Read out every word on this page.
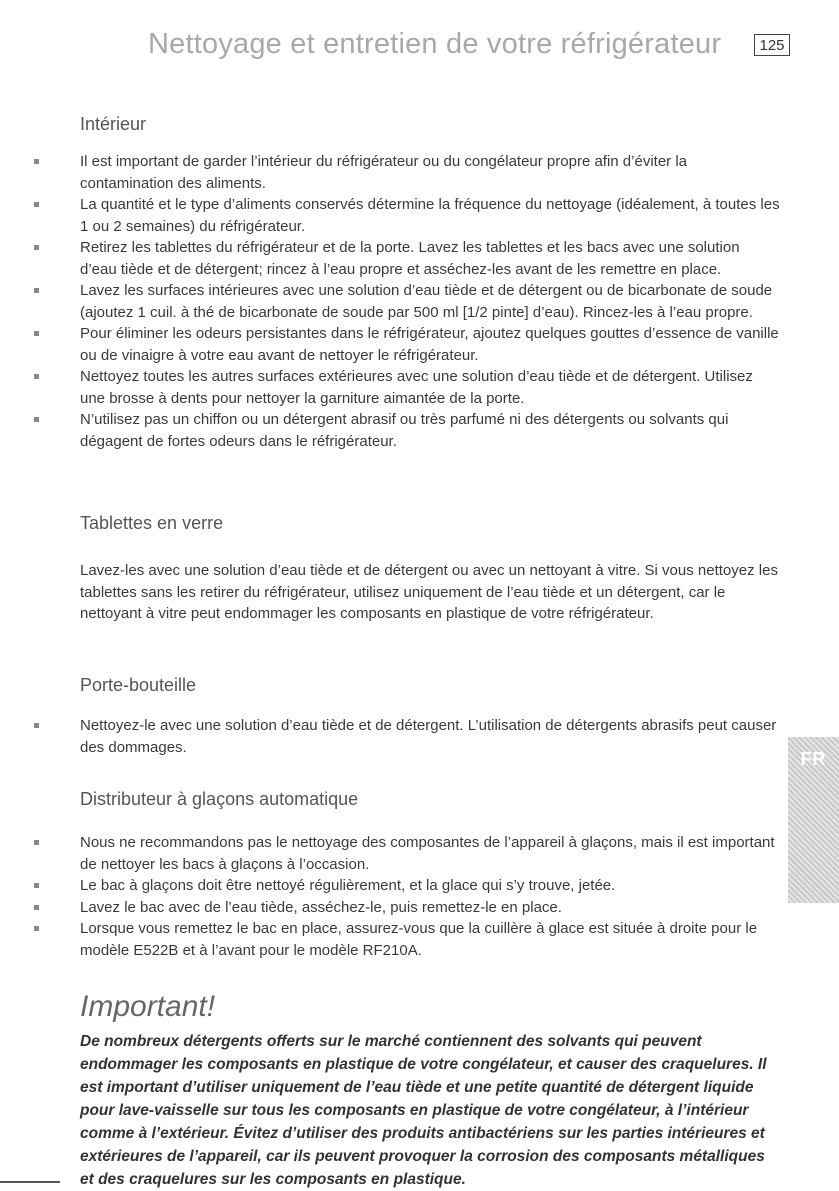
Nettoyage et entretien de votre réfrigérateur	125
Intérieur
Il est important de garder l’intérieur du réfrigérateur ou du congélateur propre afin d’éviter la contamination des aliments.
La quantité et le type d’aliments conservés détermine la fréquence du nettoyage (idéalement, à toutes les 1 ou 2 semaines) du réfrigérateur.
Retirez les tablettes du réfrigérateur et de la porte. Lavez les tablettes et les bacs avec une solution d’eau tiède et de détergent; rincez à l’eau propre et asséchez-les avant de les remettre en place.
Lavez les surfaces intérieures avec une solution d’eau tiède et de détergent ou de bicarbonate de soude (ajoutez 1 cuil. à thé de bicarbonate de soude par 500 ml [1/2 pinte] d’eau). Rincez-les à l’eau propre.
Pour éliminer les odeurs persistantes dans le réfrigérateur, ajoutez quelques gouttes d’essence de vanille ou de vinaigre à votre eau avant de nettoyer le réfrigérateur.
Nettoyez toutes les autres surfaces extérieures avec une solution d’eau tiède et de détergent. Utilisez une brosse à dents pour nettoyer la garniture aimantée de la porte.
N’utilisez pas un chiffon ou un détergent abrasif ou très parfumé ni des détergents ou solvants qui dégagent de fortes odeurs dans le réfrigérateur.
Tablettes en verre
Lavez-les avec une solution d’eau tiède et de détergent ou avec un nettoyant à vitre. Si vous nettoyez les tablettes sans les retirer du réfrigérateur, utilisez uniquement de l’eau tiède et un détergent, car le nettoyant à vitre peut endommager les composants en plastique de votre réfrigérateur.
Porte-bouteille
Nettoyez-le avec une solution d’eau tiède et de détergent. L’utilisation de détergents abrasifs peut causer des dommages.
Distributeur à glaçons automatique
Nous ne recommandons pas le nettoyage des composantes de l’appareil à glaçons, mais il est important de nettoyer les bacs à glaçons à l’occasion.
Le bac à glaçons doit être nettoyé régulièrement, et la glace qui s’y trouve, jetée.
Lavez le bac avec de l’eau tiède, asséchez-le, puis remettez-le en place.
Lorsque vous remettez le bac en place, assurez-vous que la cuillère à glace est située à droite pour le modèle E522B et à l’avant pour le modèle RF210A.
Important!
De nombreux détergents offerts sur le marché contiennent des solvants qui peuvent endommager les composants en plastique de votre congélateur, et causer des craquelures. Il est important d’utiliser uniquement de l’eau tiède et une petite quantité de détergent liquide pour lave-vaisselle sur tous les composants en plastique de votre congélateur, à l’intérieur comme à l’extérieur. Évitez d’utiliser des produits antibactériens sur les parties intérieures et extérieures de l’appareil, car ils peuvent provoquer la corrosion des composants métalliques et des craquelures sur les composants en plastique.
FR
